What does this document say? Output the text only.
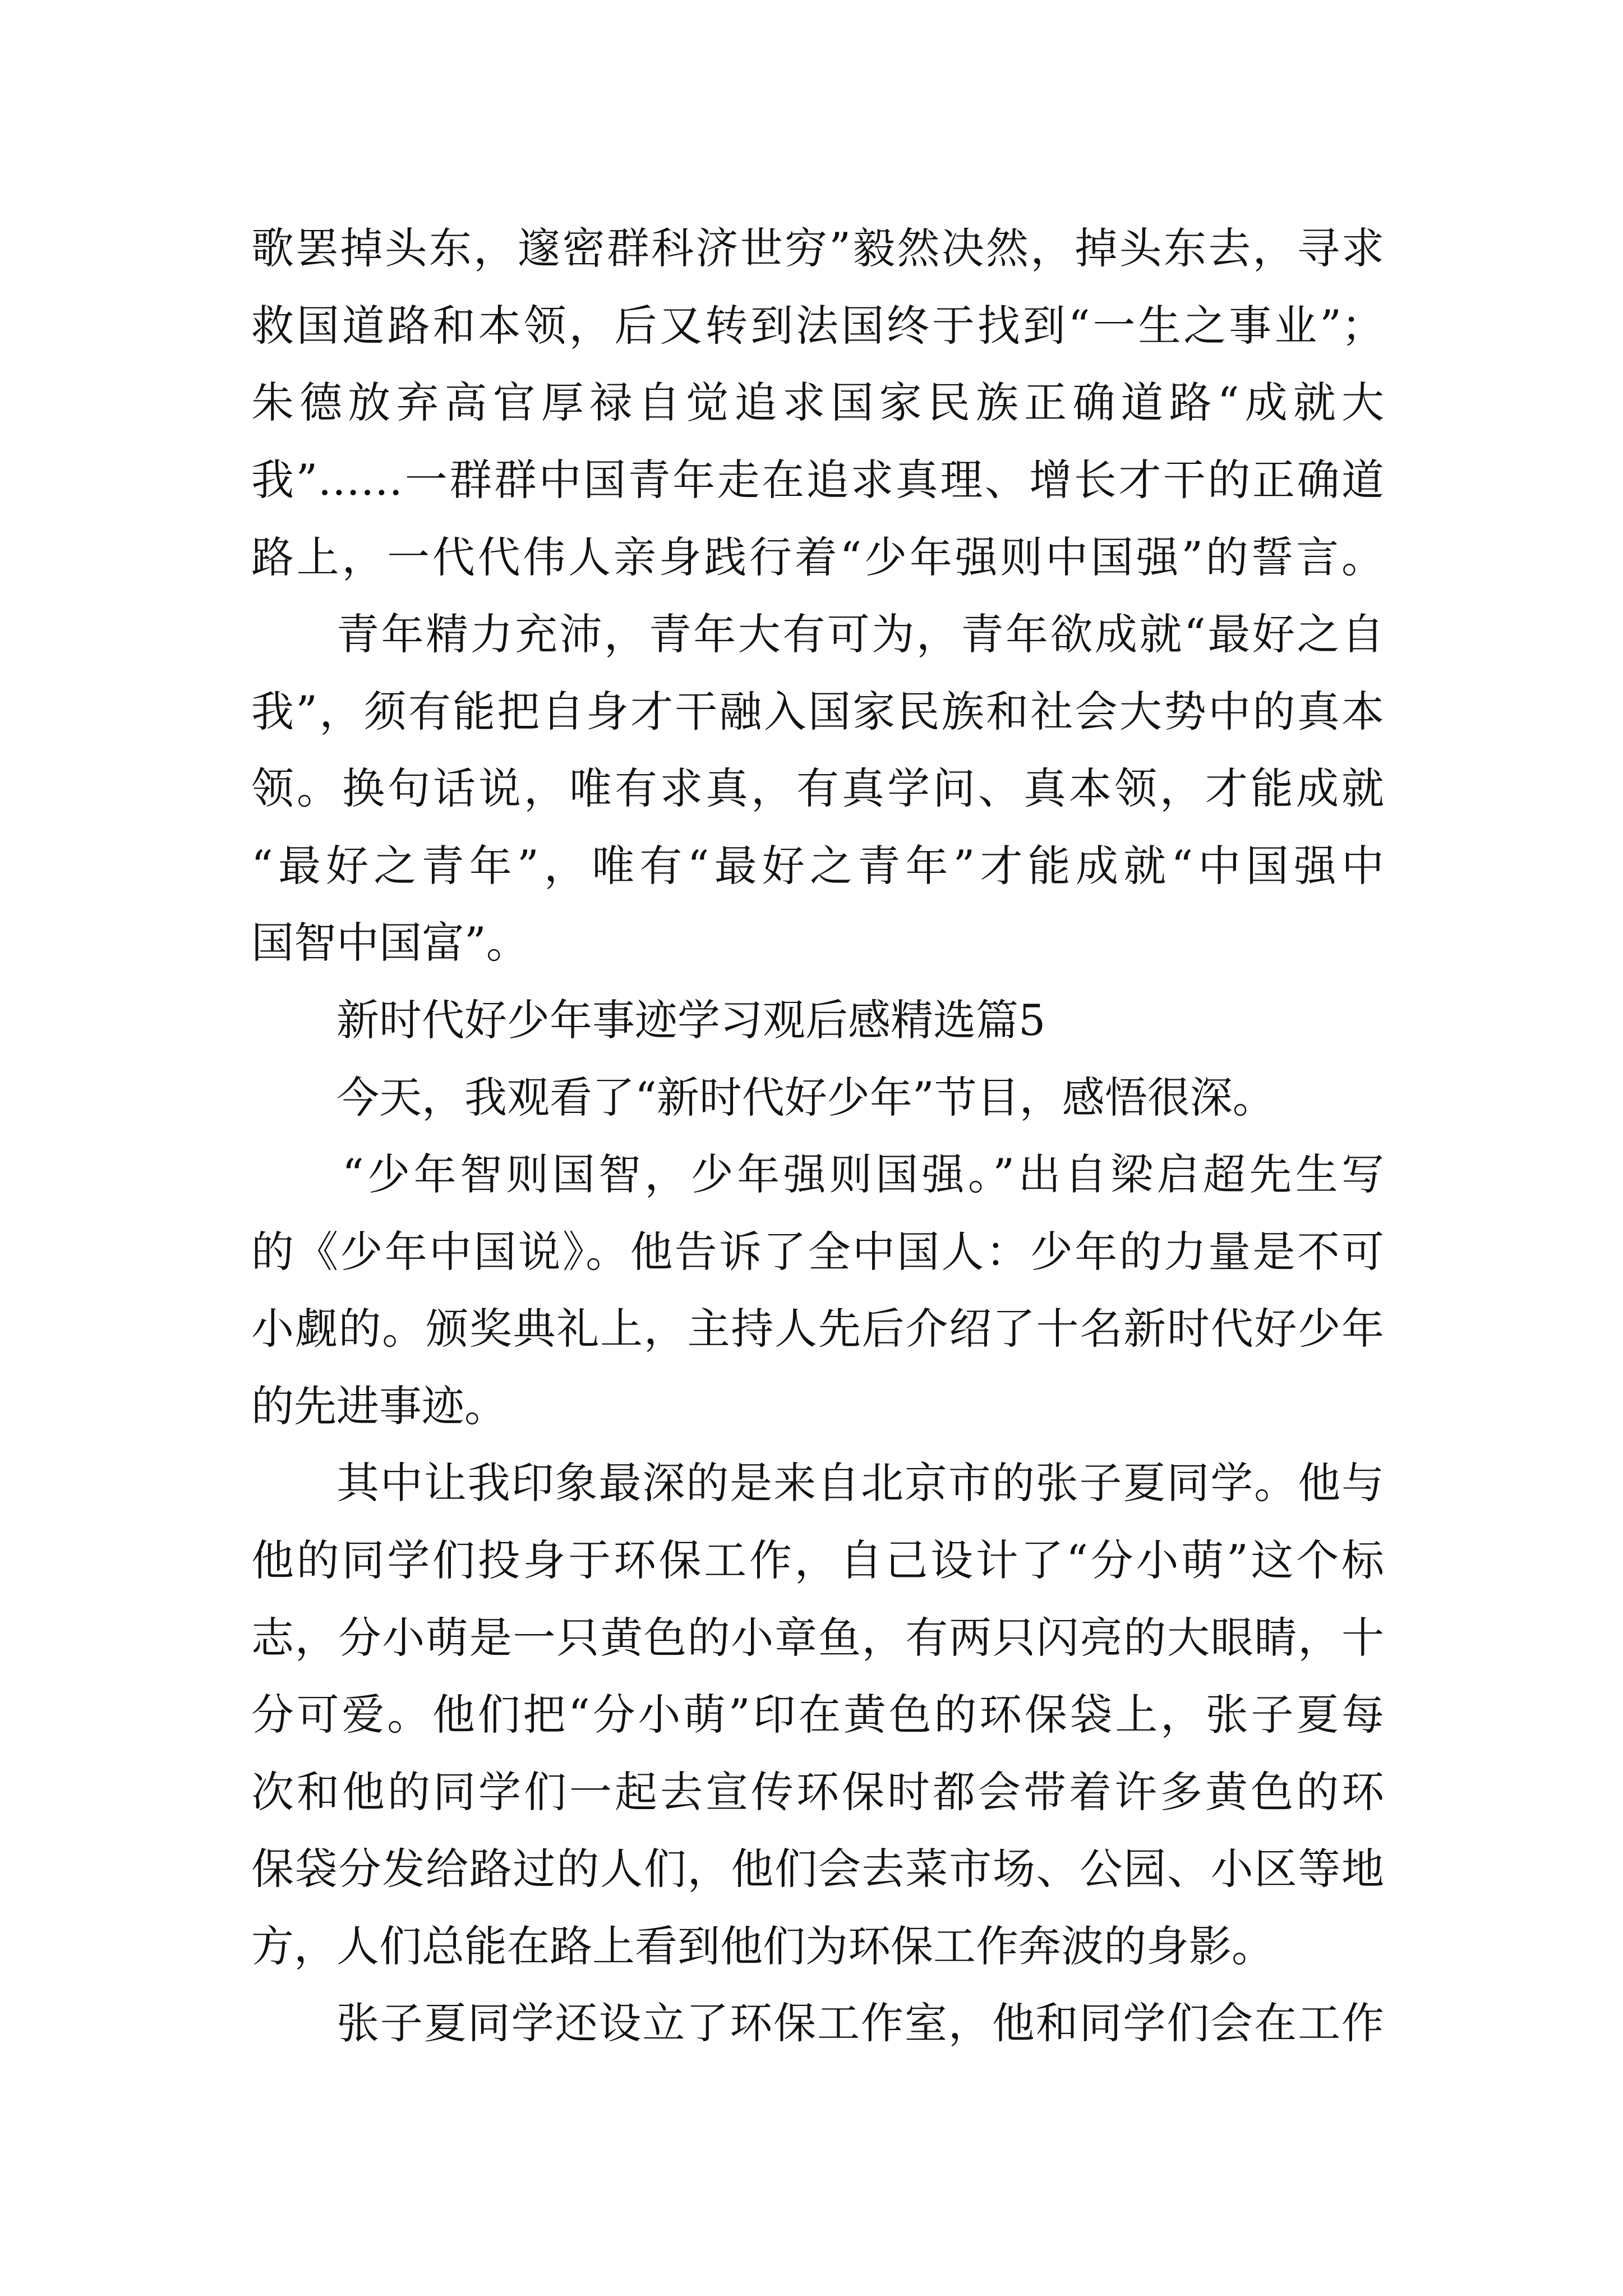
歌罢掉头东，邃密群科济世穷”毅然决然，掉头东去，寻求
救国道路和本领，后又转到法国终于找到“一生之事业”；
朱德放弃高官厚禄自觉追求国家民族正确道路“成就大
我”……一群群中国青年走在追求真理、增长才干的正确道
路上，一代代伟人亲身践行着“少年强则中国强”的誓言。
青年精力充沛，青年大有可为，青年欲成就“最好之自
我”，须有能把自身才干融入国家民族和社会大势中的真本
领。换句话说，唯有求真，有真学问、真本领，才能成就
“最好之青年”，唯有“最好之青年”才能成就“中国强中
国智中国富”。
新时代好少年事迹学习观后感精选篇5
今天，我观看了“新时代好少年”节目，感悟很深。
“少年智则国智，少年强则国强。”出自梁启超先生写
的《少年中国说》。他告诉了全中国人：少年的力量是不可
小觑的。颁奖典礼上，主持人先后介绍了十名新时代好少年
的先进事迹。
其中让我印象最深的是来自北京市的张子夏同学。他与
他的同学们投身于环保工作，自己设计了“分小萌”这个标
志，分小萌是一只黄色的小章鱼，有两只闪亮的大眼睛，十
分可爱。他们把“分小萌”印在黄色的环保袋上，张子夏每
次和他的同学们一起去宣传环保时都会带着许多黄色的环
保袋分发给路过的人们，他们会去菜市场、公园、小区等地
方，人们总能在路上看到他们为环保工作奔波的身影。
张子夏同学还设立了环保工作室，他和同学们会在工作
